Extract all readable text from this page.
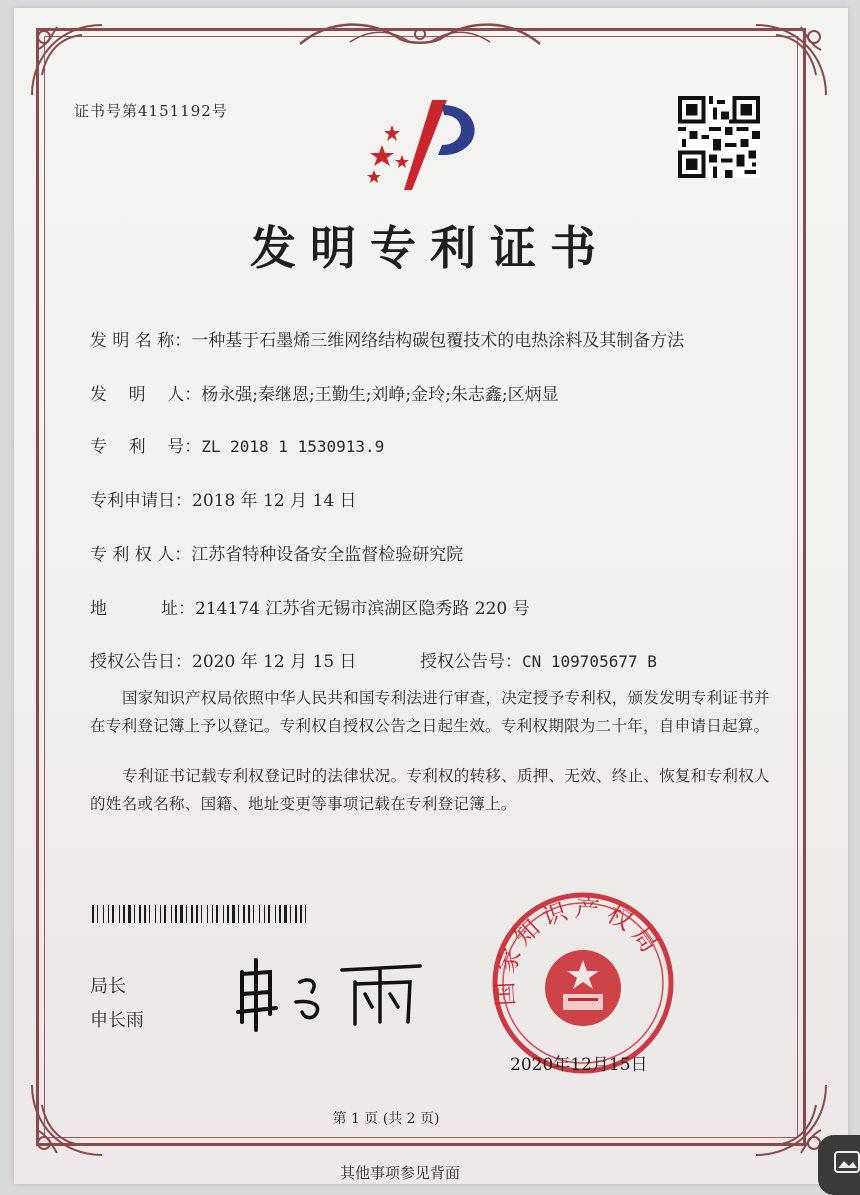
证书号第4151192号
发明专利证书
发 明 名 称：一种基于石墨烯三维网络结构碳包覆技术的电热涂料及其制备方法
发    明    人：杨永强;秦继恩;王勤生;刘峥;金玲;朱志鑫;区炳显
专    利    号：ZL 2018 1 1530913.9
专利申请日：2018 年 12 月 14 日
专 利 权 人：江苏省特种设备安全监督检验研究院
地          址：214174 江苏省无锡市滨湖区隐秀路 220 号
授权公告日：2020 年 12 月 15 日	授权公告号：CN 109705677 B
国家知识产权局依照中华人民共和国专利法进行审查，决定授予专利权，颁发发明专利证书并在专利登记簿上予以登记。专利权自授权公告之日起生效。专利权期限为二十年，自申请日起算。
专利证书记载专利权登记时的法律状况。专利权的转移、质押、无效、终止、恢复和专利权人的姓名或名称、国籍、地址变更等事项记载在专利登记簿上。
局长
申长雨
国家知识产权局
2020年12月15日
第 1 页 (共 2 页)
其他事项参见背面
